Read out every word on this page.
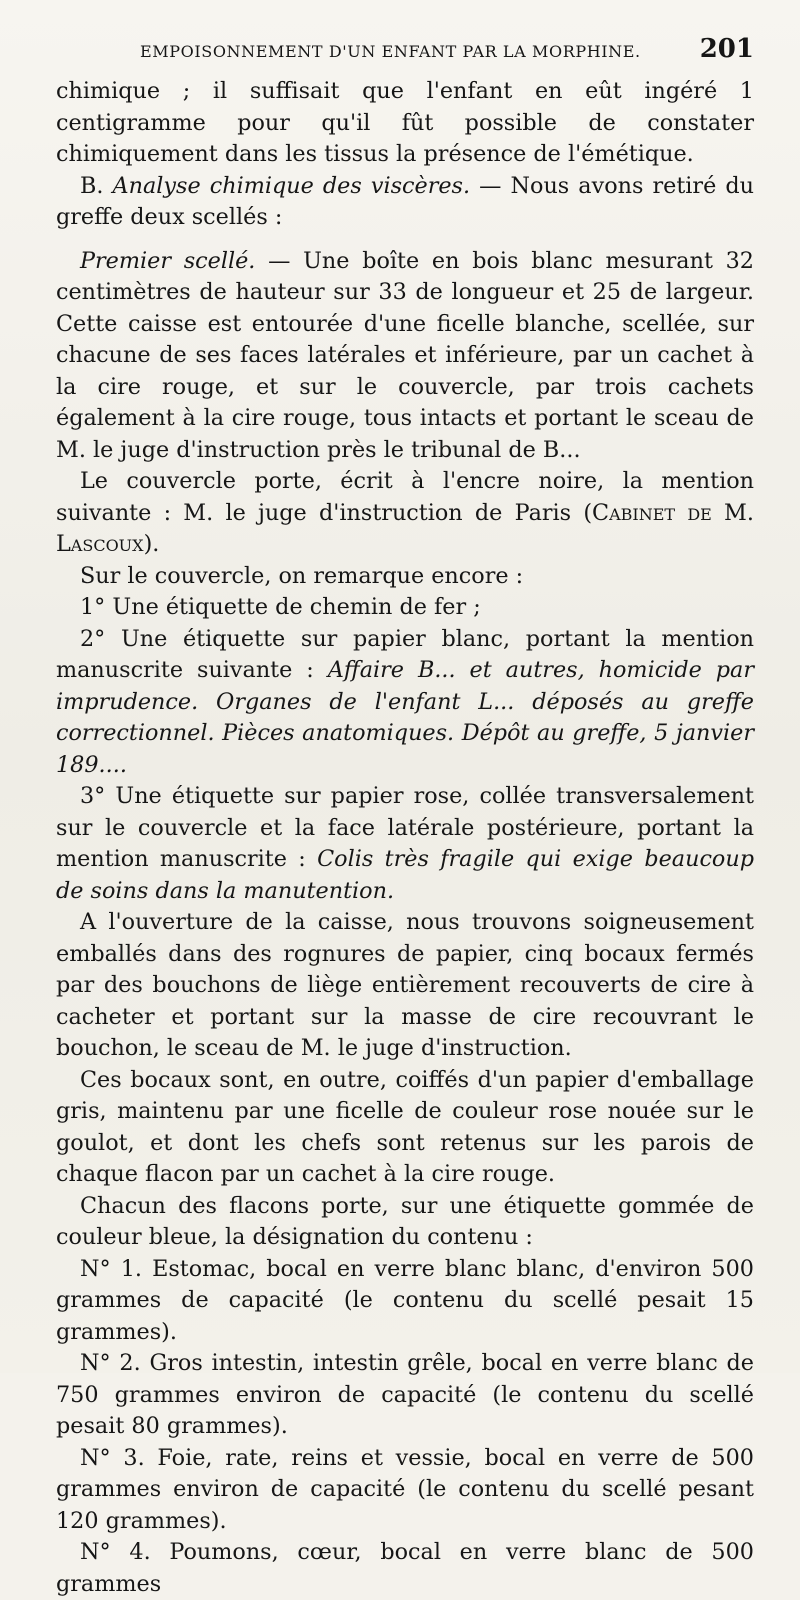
EMPOISONNEMENT D'UN ENFANT PAR LA MORPHINE. 201

chimique ; il suffisait que l'enfant en eût ingéré 1 centigramme pour qu'il fût possible de constater chimiquement dans les tissus la présence de l'émétique.

B. Analyse chimique des viscères. — Nous avons retiré du greffe deux scellés :

Premier scellé. — Une boîte en bois blanc mesurant 32 centimètres de hauteur sur 33 de longueur et 25 de largeur. Cette caisse est entourée d'une ficelle blanche, scellée, sur chacune de ses faces latérales et inférieure, par un cachet à la cire rouge, et sur le couvercle, par trois cachets également à la cire rouge, tous intacts et portant le sceau de M. le juge d'instruction près le tribunal de B...

Le couvercle porte, écrit à l'encre noire, la mention suivante : M. le juge d'instruction de Paris (Cabinet de M. Lascoux).

Sur le couvercle, on remarque encore :

1° Une étiquette de chemin de fer ;

2° Une étiquette sur papier blanc, portant la mention manuscrite suivante : Affaire B... et autres, homicide par imprudence. Organes de l'enfant L... déposés au greffe correctionnel. Pièces anatomiques. Dépôt au greffe, 5 janvier 189....

3° Une étiquette sur papier rose, collée transversalement sur le couvercle et la face latérale postérieure, portant la mention manuscrite : Colis très fragile qui exige beaucoup de soins dans la manutention.

A l'ouverture de la caisse, nous trouvons soigneusement emballés dans des rognures de papier, cinq bocaux fermés par des bouchons de liège entièrement recouverts de cire à cacheter et portant sur la masse de cire recouvrant le bouchon, le sceau de M. le juge d'instruction.

Ces bocaux sont, en outre, coiffés d'un papier d'emballage gris, maintenu par une ficelle de couleur rose nouée sur le goulot, et dont les chefs sont retenus sur les parois de chaque flacon par un cachet à la cire rouge.

Chacun des flacons porte, sur une étiquette gommée de couleur bleue, la désignation du contenu :

N° 1. Estomac, bocal en verre blanc blanc, d'environ 500 grammes de capacité (le contenu du scellé pesait 15 grammes).

N° 2. Gros intestin, intestin grêle, bocal en verre blanc de 750 grammes environ de capacité (le contenu du scellé pesait 80 grammes).

N° 3. Foie, rate, reins et vessie, bocal en verre de 500 grammes environ de capacité (le contenu du scellé pesant 120 grammes).

N° 4. Poumons, cœur, bocal en verre blanc de 500 grammes
